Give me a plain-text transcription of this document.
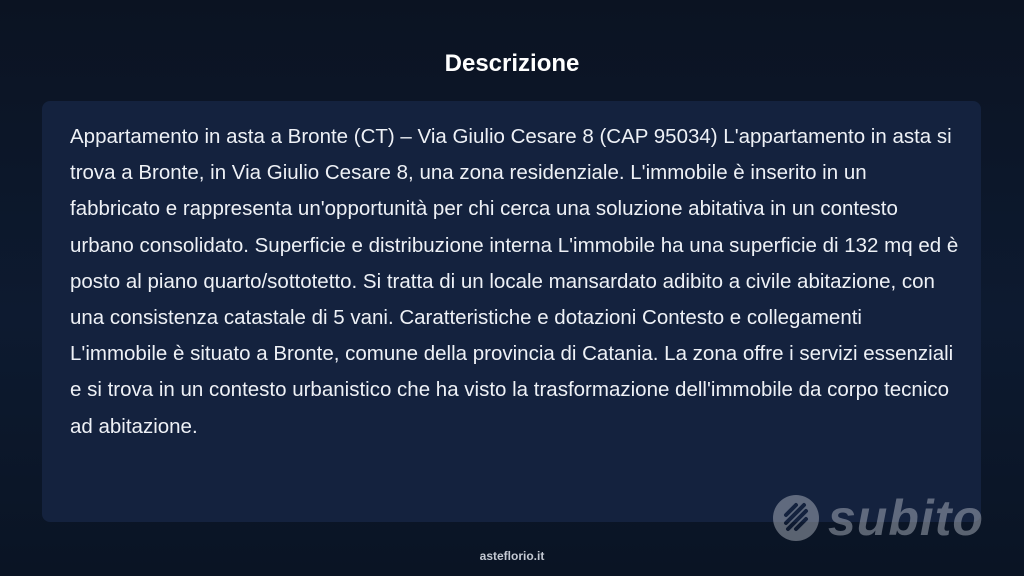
Descrizione

Appartamento in asta a Bronte (CT) – Via Giulio Cesare 8 (CAP 95034) L'appartamento in asta si trova a Bronte, in Via Giulio Cesare 8, una zona residenziale. L'immobile è inserito in un fabbricato e rappresenta un'opportunità per chi cerca una soluzione abitativa in un contesto urbano consolidato. Superficie e distribuzione interna L'immobile ha una superficie di 132 mq ed è posto al piano quarto/sottotetto. Si tratta di un locale mansardato adibito a civile abitazione, con una consistenza catastale di 5 vani. Caratteristiche e dotazioni Contesto e collegamenti L'immobile è situato a Bronte, comune della provincia di Catania. La zona offre i servizi essenziali e si trova in un contesto urbanistico che ha visto la trasformazione dell'immobile da corpo tecnico ad abitazione.

subito
asteflorio.it
